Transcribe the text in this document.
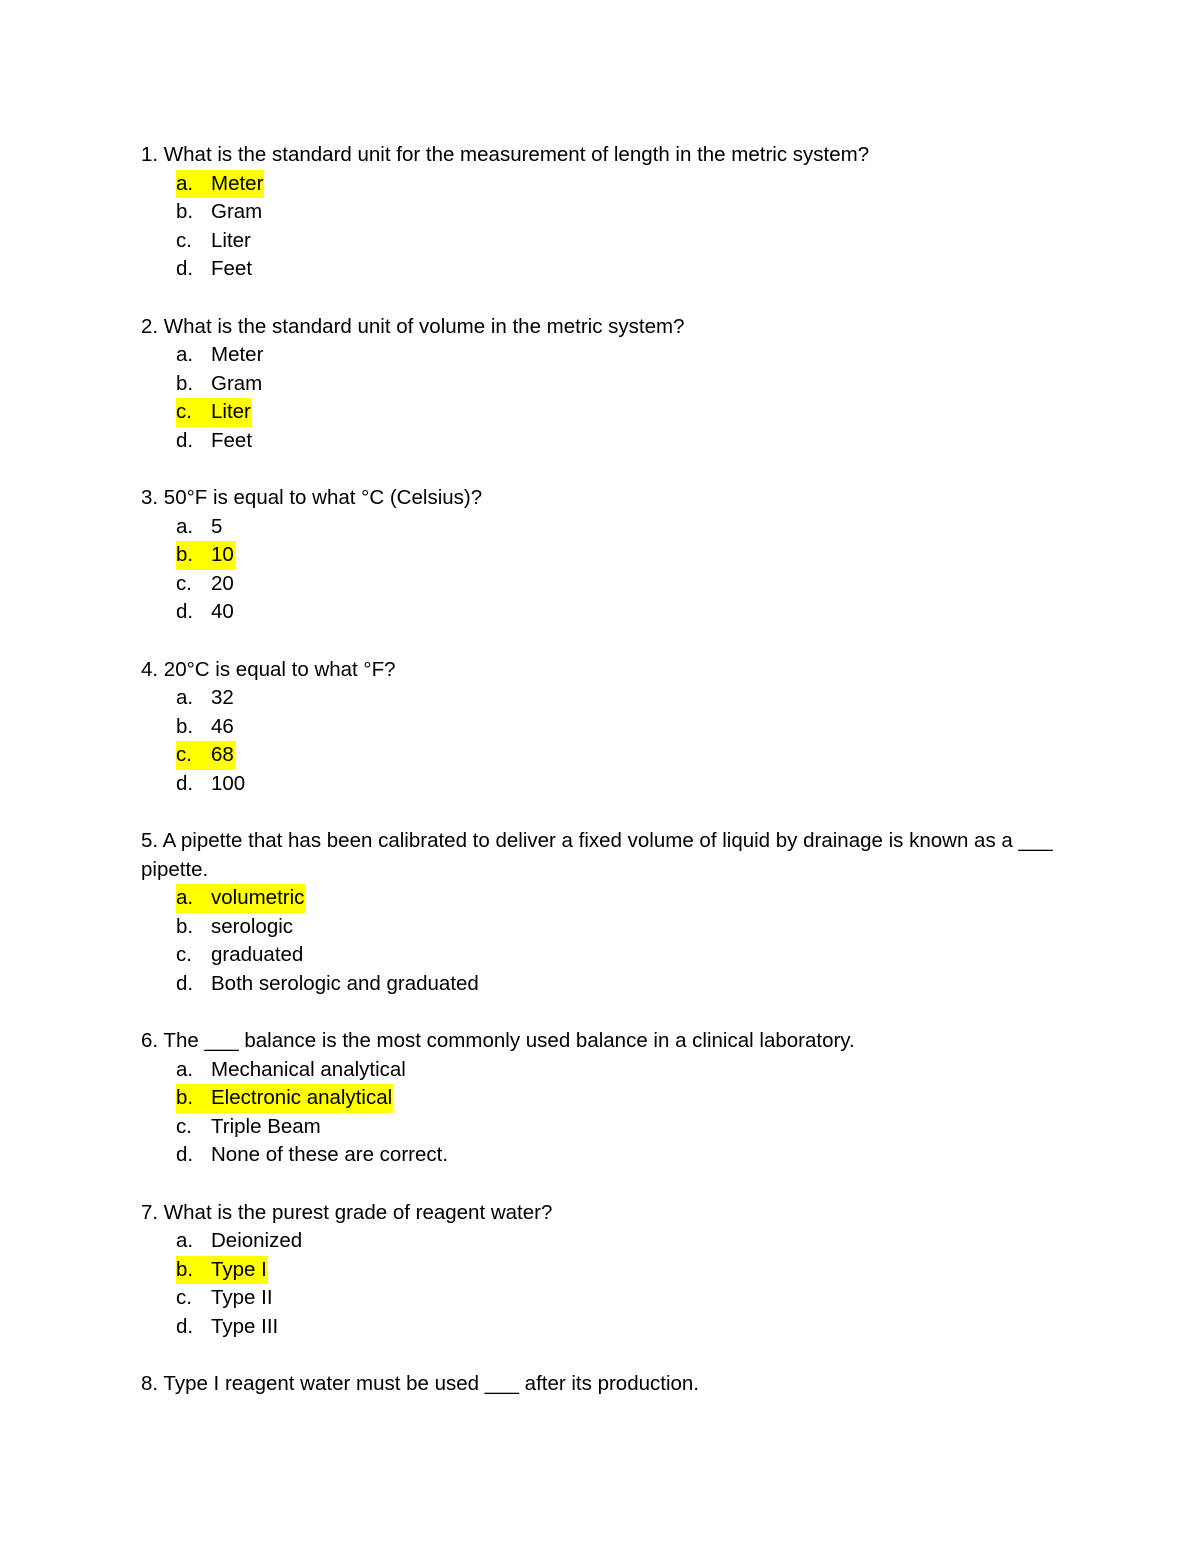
1. What is the standard unit for the measurement of length in the metric system?

a. Meter
b. Gram
c. Liter
d. Feet

2. What is the standard unit of volume in the metric system?

a. Meter
b. Gram
c. Liter
d. Feet

3. 50°F is equal to what °C (Celsius)?

a. 5
b. 10
c. 20
d. 40

4. 20°C is equal to what °F?

a. 32
b. 46
c. 68
d. 100

5. A pipette that has been calibrated to deliver a fixed volume of liquid by drainage is known as a ___ pipette.

a. volumetric
b. serologic
c. graduated
d. Both serologic and graduated

6. The ___ balance is the most commonly used balance in a clinical laboratory.

a. Mechanical analytical
b. Electronic analytical
c. Triple Beam
d. None of these are correct.

7. What is the purest grade of reagent water?

a. Deionized
b. Type I
c. Type II
d. Type III

8. Type I reagent water must be used ___ after its production.
